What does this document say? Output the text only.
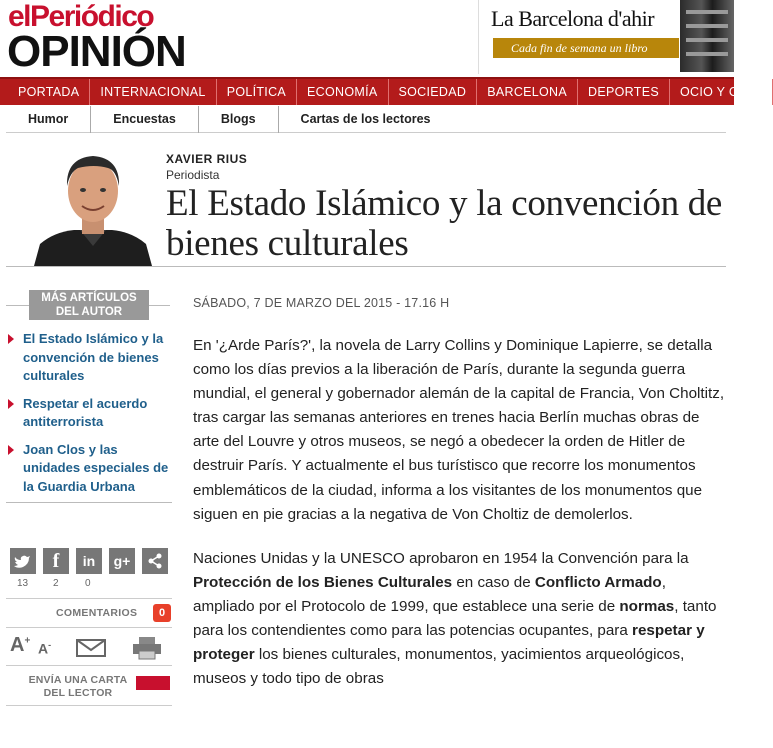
elPeriódico
OPINIÓN
La Barcelona d'ahir
Cada fin de semana un libro
PORTADA INTERNACIONAL POLÍTICA ECONOMÍA SOCIEDAD BARCELONA DEPORTES OCIO Y CULT
Humor	Encuestas	Blogs	Cartas de los lectores
XAVIER RIUS
Periodista
El Estado Islámico y la convención de bienes culturales
MÁS ARTÍCULOS DEL AUTOR
El Estado Islámico y la convención de bienes culturales
Respetar el acuerdo antiterrorista
Joan Clos y las unidades especiales de la Guardia Urbana
f	in	g+
13 2	0
COMENTARIOS	0
A+ A-
ENVÍA UNA CARTA DEL LECTOR
SÁBADO, 7 DE MARZO DEL 2015 - 17.16 H

En '¿Arde París?', la novela de Larry Collins y Dominique Lapierre, se detalla como los días previos a la liberación de París, durante la segunda guerra mundial, el general y gobernador alemán de la capital de Francia, Von Choltitz, tras cargar las semanas anteriores en trenes hacia Berlín muchas obras de arte del Louvre y otros museos, se negó a obedecer la orden de Hitler de destruir París. Y actualmente el bus turístisco que recorre los monumentos emblemáticos de la ciudad, informa a los visitantes de los monumentos que siguen en pie gracias a la negativa de Von Choltiz de demolerlos.

Naciones Unidas y la UNESCO aprobaron en 1954 la Convención para la Protección de los Bienes Culturales en caso de Conflicto Armado, ampliado por el Protocolo de 1999, que establece una serie de normas, tanto para los contendientes como para las potencias ocupantes, para respetar y proteger los bienes culturales, monumentos, yacimientos arqueológicos, museos y todo tipo de obras
